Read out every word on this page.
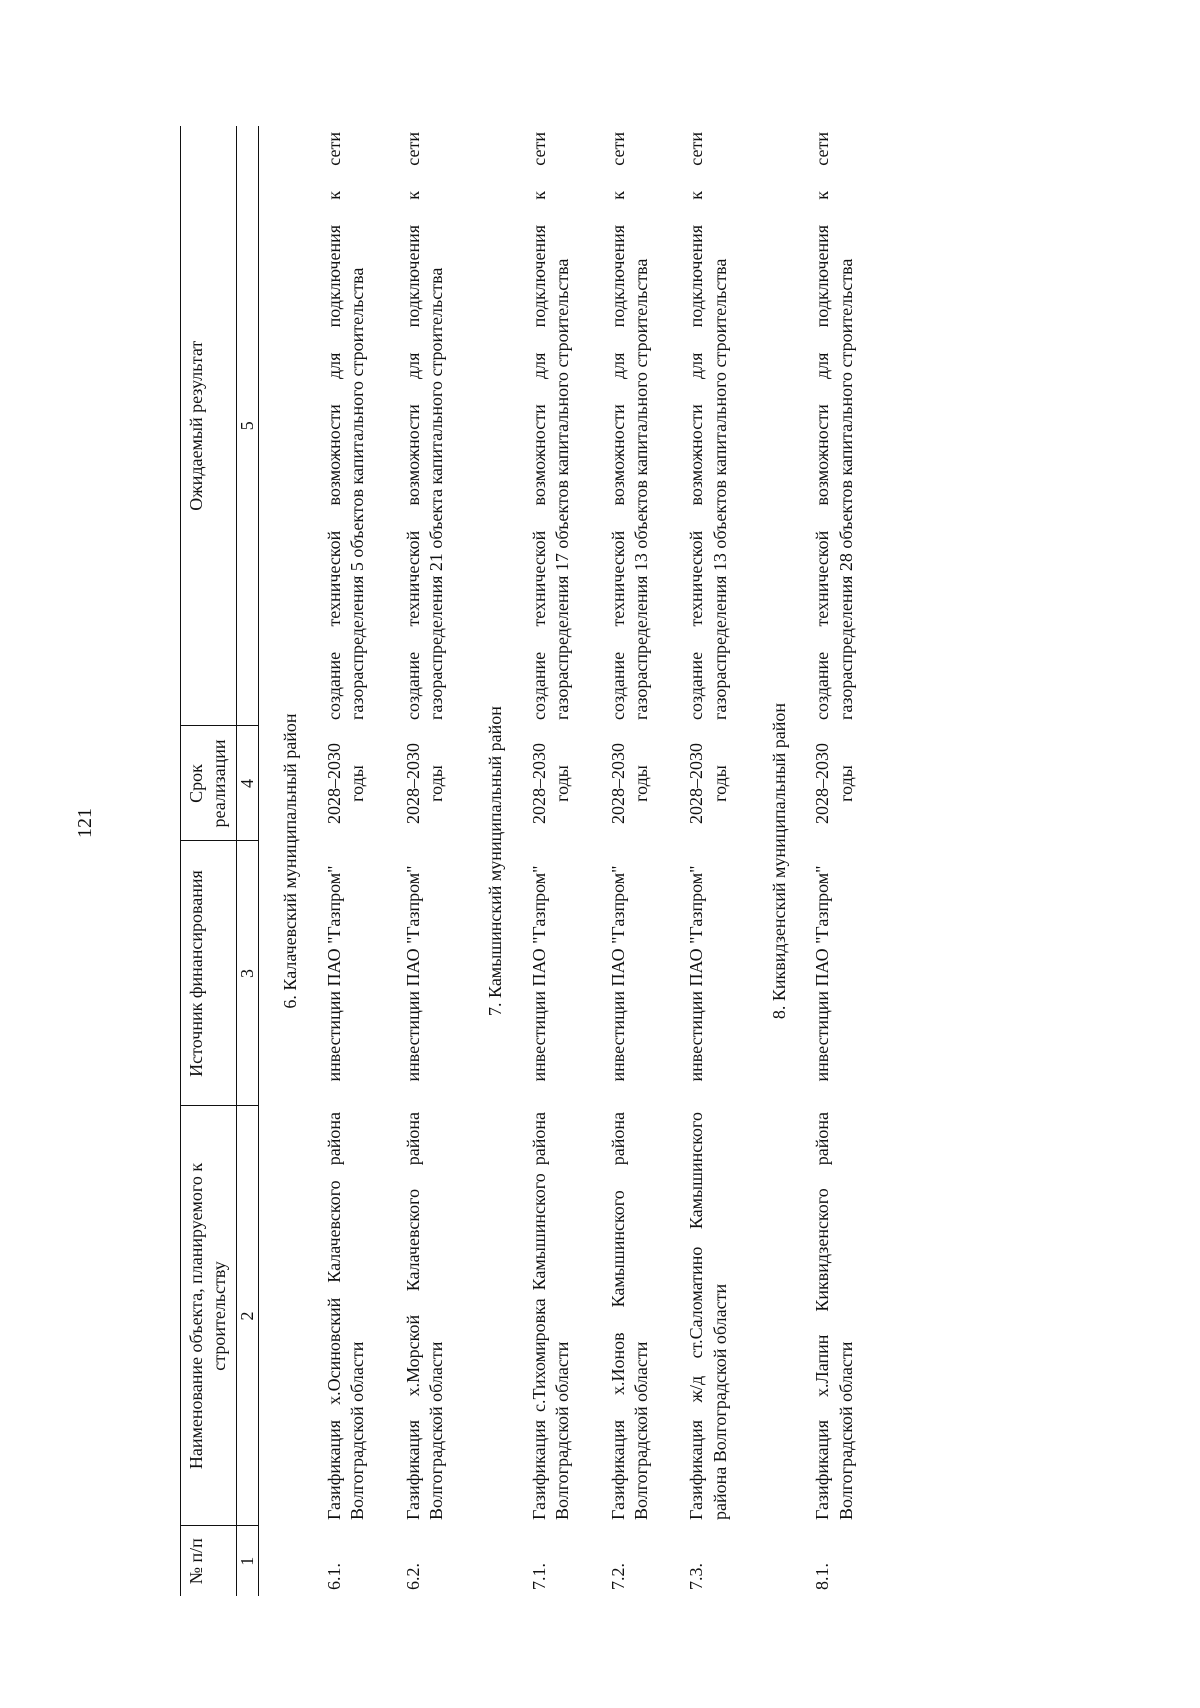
121
№ п/п	Наименование объекта, планируемого к строительству	Источник финансирования	Срок реализации	Ожидаемый результат
1	2	3	4	5
6. Калачевский муниципальный район				
6.1.	Газификация х.Осиновский Калачевского района Волгоградской области	инвестиции ПАО "Газпром"	2028–2030 годы	создание технической возможности для подключения к сети газораспределения 5 объектов капитального строительства
6.2.	Газификация х.Морской Калачевского района Волгоградской области	инвестиции ПАО "Газпром"	2028–2030 годы	создание технической возможности для подключения к сети газораспределения 21 объекта капитального строительства
7. Камышинский муниципальный район				
7.1.	Газификация с.Тихомировка Камышинского района Волгоградской области	инвестиции ПАО "Газпром"	2028–2030 годы	создание технической возможности для подключения к сети газораспределения 17 объектов капитального строительства
7.2.	Газификация х.Ионов Камышинского района Волгоградской области	инвестиции ПАО "Газпром"	2028–2030 годы	создание технической возможности для подключения к сети газораспределения 13 объектов капитального строительства
7.3.	Газификация ж/д ст.Саломатино Камышинского района Волгоградской области	инвестиции ПАО "Газпром"	2028–2030 годы	создание технической возможности для подключения к сети газораспределения 13 объектов капитального строительства
8. Киквидзенский муниципальный район				
8.1.	Газификация х.Лапин Киквидзенского района Волгоградской области	инвестиции ПАО "Газпром"	2028–2030 годы	создание технической возможности для подключения к сети газораспределения 28 объектов капитального строительства
